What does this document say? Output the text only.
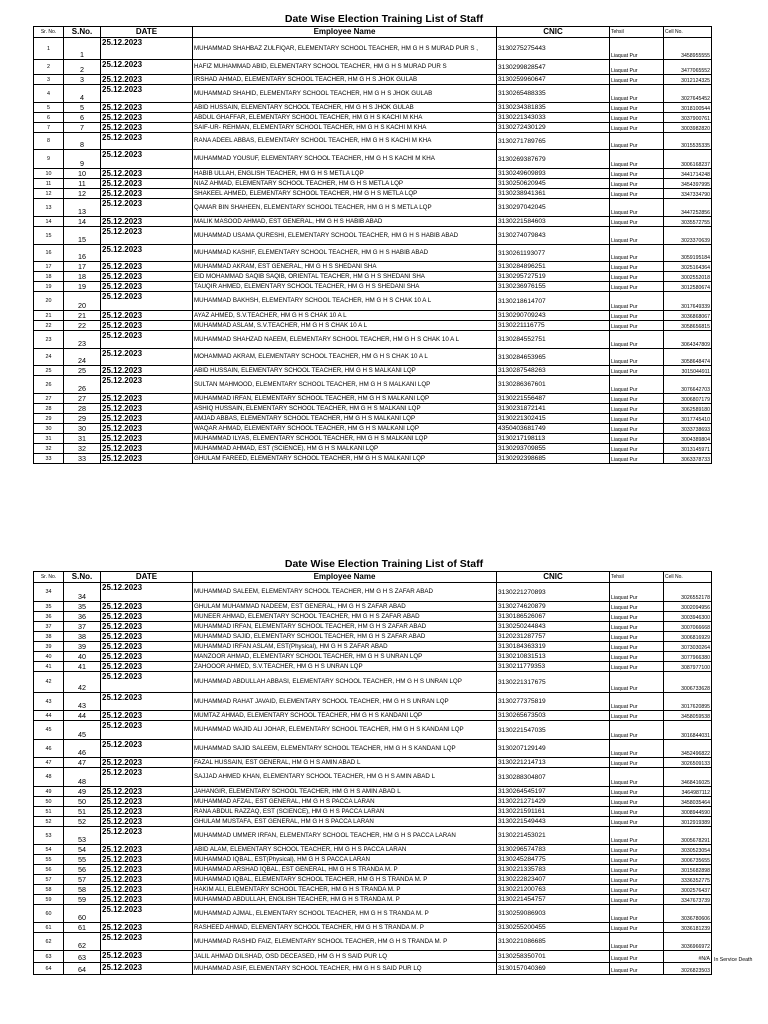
Date Wise Election Training List of Staff
Sr. No.	S.No.	DATE	Employee Name	CNIC	Tehsil	Cell No.	
1	1	25.12.2023	MUHAMMAD SHAHBAZ ZULFIQAR, ELEMENTARY SCHOOL TEACHER, HM G H S MURAD PUR S ,	3130275275443	Liaquat Pur	3458955555	
2	2	25.12.2023	HAFIZ MUHAMMAD ABID, ELEMENTARY SCHOOL TEACHER, HM G H S MURAD PUR S	3130299828547	Liaquat Pur	3477065552	
3	3	25.12.2023	IRSHAD AHMAD, ELEMENTARY SCHOOL TEACHER, HM G H S JHOK GULAB	3130259960647	Liaquat Pur	3012124325	
4	4	25.12.2023	MUHAMMAD SHAHID, ELEMENTARY SCHOOL TEACHER, HM G H S JHOK GULAB	3130265488335	Liaquat Pur	3027645452	
5	5	25.12.2023	ABID HUSSAIN, ELEMENTARY SCHOOL TEACHER, HM G H S JHOK GULAB	3130234381835	Liaquat Pur	3018100544	
6	6	25.12.2023	ABDUL GHAFFAR, ELEMENTARY SCHOOL TEACHER, HM G H S KACHI M KHA	3130221343033	Liaquat Pur	3037900761	
7	7	25.12.2023	SAIF-UR- REHMAN, ELEMENTARY SCHOOL TEACHER, HM G H S KACHI M KHA	3130272430129	Liaquat Pur	3003982820	
8	8	25.12.2023	RANA ADEEL ABBAS, ELEMENTARY SCHOOL TEACHER, HM G H S KACHI M KHA	3130271789765	Liaquat Pur	3015535335	
9	9	25.12.2023	MUHAMMAD YOUSUF, ELEMENTARY SCHOOL TEACHER, HM G H S KACHI M KHA	3130269387679	Liaquat Pur	3006168237	
10	10	25.12.2023	HABIB ULLAH, ENGLISH TEACHER, HM G H S METLA LQP	3130249609893	Liaquat Pur	3441714248	
11	11	25.12.2023	NIAZ AHMAD, ELEMENTARY SCHOOL TEACHER, HM G H S METLA LQP	3130250620945	Liaquat Pur	3454397995	
12	12	25.12.2023	SHAKEEL AHMED, ELEMENTARY SCHOOL TEACHER, HM G H S METLA LQP	3130238941361	Liaquat Pur	3347334790	
13	13	25.12.2023	QAMAR BIN SHAHEEN, ELEMENTARY SCHOOL TEACHER, HM G H S METLA LQP	3130297042045	Liaquat Pur	3447252856	
14	14	25.12.2023	MALIK MASOOD AHMAD, EST GENERAL, HM G H S HABIB ABAD	3130221584603	Liaquat Pur	3035572755	
15	15	25.12.2023	MUHAMMAD USAMA QURESHI, ELEMENTARY SCHOOL TEACHER, HM G H S HABIB ABAD	3130274079843	Liaquat Pur	3023370639	
16	16	25.12.2023	MUHAMMAD KASHIF, ELEMENTARY SCHOOL TEACHER, HM G H S HABIB ABAD	3130261193077	Liaquat Pur	3059195184	
17	17	25.12.2023	MUHAMMAD AKRAM, EST GENERAL, HM G H S SHEDANI SHA	3130284896251	Liaquat Pur	3025164364	
18	18	25.12.2023	EID MOHAMMAD SAQIB SAQIB, ORIENTAL TEACHER, HM G H S SHEDANI SHA	3130295727519	Liaquat Pur	3002552018	
19	19	25.12.2023	TAUQIR AHMED, ELEMENTARY SCHOOL TEACHER, HM G H S SHEDANI SHA	3130236976155	Liaquat Pur	3012580674	
20	20	25.12.2023	MUHAMMAD BAKHSH, ELEMENTARY SCHOOL TEACHER, HM G H S CHAK 10 A L	3130218614707	Liaquat Pur	3017649339	
21	21	25.12.2023	AYAZ AHMED, S.V.TEACHER, HM G H S CHAK 10 A L	3130290709243	Liaquat Pur	3036868067	
22	22	25.12.2023	MUHAMMAD ASLAM, S.V.TEACHER, HM G H S CHAK 10 A L	3130221116775	Liaquat Pur	3058656815	
23	23	25.12.2023	MUHAMMAD SHAHZAD NAEEM, ELEMENTARY SCHOOL TEACHER, HM G H S CHAK 10 A L	3130284552751	Liaquat Pur	3064347809	
24	24	25.12.2023	MOHAMMAD AKRAM, ELEMENTARY SCHOOL TEACHER, HM G H S CHAK 10 A L	3130284653965	Liaquat Pur	3058648474	
25	25	25.12.2023	ABID HUSSAIN, ELEMENTARY SCHOOL TEACHER, HM G H S MALKANI LQP	3130287548263	Liaquat Pur	3015044911	
26	26	25.12.2023	SULTAN MAHMOOD, ELEMENTARY SCHOOL TEACHER, HM G H S MALKANI LQP	3130286367601	Liaquat Pur	3076642703	
27	27	25.12.2023	MUHAMMAD IRFAN, ELEMENTARY SCHOOL TEACHER, HM G H S MALKANI LQP	3130221556487	Liaquat Pur	3006807179	
28	28	25.12.2023	ASHIQ HUSSAIN, ELEMENTARY SCHOOL TEACHER, HM G H S MALKANI LQP	3130231872141	Liaquat Pur	3062589180	
29	29	25.12.2023	AMJAD ABBAS, ELEMENTARY SCHOOL TEACHER, HM G H S MALKANI LQP	3130221302415	Liaquat Pur	3017745410	
30	30	25.12.2023	WAQAR AHMAD, ELEMENTARY SCHOOL TEACHER, HM G H S MALKANI LQP	4350403681749	Liaquat Pur	3033738693	
31	31	25.12.2023	MUHAMMAD ILYAS, ELEMENTARY SCHOOL TEACHER, HM G H S MALKANI LQP	3130217198113	Liaquat Pur	3004389804	
32	32	25.12.2023	MUHAMMAD AHMAD, EST (SCIENCE), HM G H S MALKANI LQP	3130293709855	Liaquat Pur	3013145971	
33	33	25.12.2023	GHULAM FAREED, ELEMENTARY SCHOOL TEACHER, HM G H S MALKANI LQP	3130292398685	Liaquat Pur	3063378733	
Date Wise Election Training List of Staff
Sr. No.	S.No.	DATE	Employee Name	CNIC	Tehsil	Cell No.	
34	34	25.12.2023	MUHAMMAD SALEEM, ELEMENTARY SCHOOL TEACHER, HM G H S ZAFAR ABAD	3130221270893	Liaquat Pur	3026552178	
35	35	25.12.2023	GHULAM MUHAMMAD NADEEM, EST GENERAL, HM G H S ZAFAR ABAD	3130274620879	Liaquat Pur	3002094956	
36	36	25.12.2023	MUNEER AHMAD, ELEMENTARY SCHOOL TEACHER, HM G H S ZAFAR ABAD	3130186526067	Liaquat Pur	3003946300	
37	37	25.12.2023	MUHAMMAD IRFAN, ELEMENTARY SCHOOL TEACHER, HM G H S ZAFAR ABAD	3130250244843	Liaquat Pur	3007066668	
38	38	25.12.2023	MUHAMMAD SAJID, ELEMENTARY SCHOOL TEACHER, HM G H S ZAFAR ABAD	3120231287757	Liaquat Pur	3006816929	
39	39	25.12.2023	MUHAMMAD IRFAN ASLAM, EST(Physical), HM G H S ZAFAR ABAD	3130184363319	Liaquat Pur	3073030264	
40	40	25.12.2023	MANZOOR AHMAD, ELEMENTARY SCHOOL TEACHER, HM G H S UNRAN LQP	3130210831513	Liaquat Pur	3077966380	
41	41	25.12.2023	ZAHOOOR AHMED, S.V.TEACHER, HM G H S UNRAN LQP	3130211779353	Liaquat Pur	3087977100	
42	42	25.12.2023	MUHAMMAD ABDULLAH ABBASI, ELEMENTARY SCHOOL TEACHER, HM G H S UNRAN LQP	3130221317675	Liaquat Pur	3006733628	
43	43	25.12.2023	MUHAMMAD RAHAT JAVAID, ELEMENTARY SCHOOL TEACHER, HM G H S UNRAN LQP	3130277375819	Liaquat Pur	3017620895	
44	44	25.12.2023	MUMTAZ AHMAD, ELEMENTARY SCHOOL TEACHER, HM G H S KANDANI LQP	3130265673503	Liaquat Pur	3458059538	
45	45	25.12.2023	MUHAMMAD WAJID ALI JOHAR, ELEMENTARY SCHOOL TEACHER, HM G H S KANDANI LQP	3130221547035	Liaquat Pur	3016844031	
46	46	25.12.2023	MUHAMMAD SAJID SALEEM, ELEMENTARY SCHOOL TEACHER, HM G H S KANDANI LQP	3130207129149	Liaquat Pur	3452496822	
47	47	25.12.2023	FAZAL HUSSAIN, EST GENERAL, HM G H S AMIN ABAD L	3130221214713	Liaquat Pur	3026509133	
48	48	25.12.2023	SAJJAD AHMED KHAN, ELEMENTARY SCHOOL TEACHER, HM G H S AMIN ABAD L	3130288304807	Liaquat Pur	3468416025	
49	49	25.12.2023	JAHANGIR, ELEMENTARY SCHOOL TEACHER, HM G H S AMIN ABAD L	3130264545197	Liaquat Pur	3464987112	
50	50	25.12.2023	MUHAMMAD AFZAL, EST GENERAL, HM G H S PACCA LARAN	3130221271429	Liaquat Pur	3458035464	
51	51	25.12.2023	RANA ABDUL RAZZAQ, EST (SCIENCE), HM G H S PACCA LARAN	3130221591161	Liaquat Pur	3008944590	
52	52	25.12.2023	GHULAM MUSTAFA, EST GENERAL, HM G H S PACCA LARAN	3130221549443	Liaquat Pur	3012919389	
53	53	25.12.2023	MUHAMMAD UMMER IRFAN, ELEMENTARY SCHOOL TEACHER, HM G H S PACCA LARAN	3130221453021	Liaquat Pur	3005678291	
54	54	25.12.2023	ABID ALAM, ELEMENTARY SCHOOL TEACHER, HM G H S PACCA LARAN	3130296574783	Liaquat Pur	3030523054	
55	55	25.12.2023	MUHAMMAD IQBAL, EST(Physical), HM G H S PACCA LARAN	3130245284775	Liaquat Pur	3006735655	
56	56	25.12.2023	MUHAMMAD ARSHAD IQBAL, EST GENERAL, HM G H S TRANDA M. P	3130221335783	Liaquat Pur	3015682898	
57	57	25.12.2023	MUHAMMAD IQBAL, ELEMENTARY SCHOOL TEACHER, HM G H S TRANDA M. P	3130222823407	Liaquat Pur	3336352775	
58	58	25.12.2023	HAKIM ALI, ELEMENTARY SCHOOL TEACHER, HM G H S TRANDA M. P	3130221200763	Liaquat Pur	3002576437	
59	59	25.12.2023	MUHAMMAD ABDULLAH, ENGLISH TEACHER, HM G H S TRANDA M. P	3130221454757	Liaquat Pur	3347673739	
60	60	25.12.2023	MUHAMMAD AJMAL, ELEMENTARY SCHOOL TEACHER, HM G H S TRANDA M. P	3130259086903	Liaquat Pur	3036780606	
61	61	25.12.2023	RASHEED AHMAD, ELEMENTARY SCHOOL TEACHER, HM G H S TRANDA M. P	3130255200455	Liaquat Pur	3036181239	
62	62	25.12.2023	MUHAMMAD RASHID FAIZ, ELEMENTARY SCHOOL TEACHER, HM G H S TRANDA M. P	3130221086685	Liaquat Pur	3036966972	
63	63	25.12.2023	JALIL AHMAD DILSHAD, OSD DECEASED, HM G H S SAID PUR LQ	3130258350701	Liaquat Pur	#N/A	In Service Death
64	64	25.12.2023	MUHAMMAD ASIF, ELEMENTARY SCHOOL TEACHER, HM G H S SAID PUR LQ	3130157040369	Liaquat Pur	3026823503	
